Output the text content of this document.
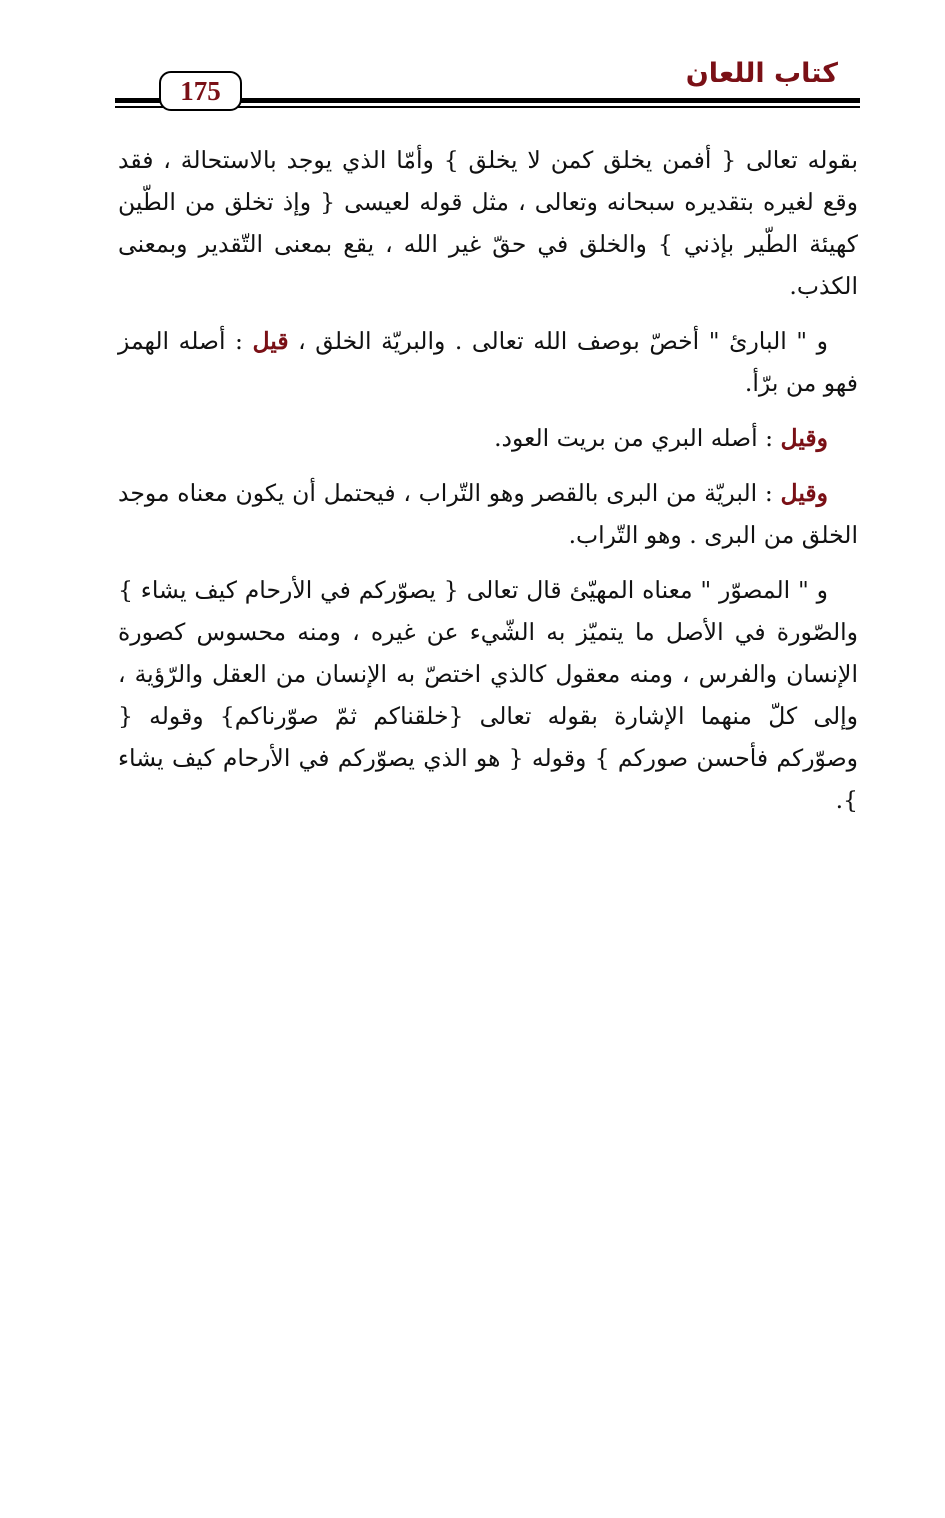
كتاب اللعان
175

بقوله تعالى { أفمن يخلق كمن لا يخلق } وأمّا الذي يوجد بالاستحالة ، فقد وقع لغيره بتقديره سبحانه وتعالى ، مثل قوله لعيسى { وإذ تخلق من الطّين كهيئة الطّير بإذني } والخلق في حقّ غير الله ، يقع بمعنى التّقدير وبمعنى الكذب.

و " البارئ " أخصّ بوصف الله تعالى . والبريّة الخلق ، قيل : أصله الهمز فهو من برّأ.

وقيل : أصله البري من بريت العود.

وقيل : البريّة من البرى بالقصر وهو التّراب ، فيحتمل أن يكون معناه موجد الخلق من البرى . وهو التّراب.

و " المصوّر " معناه المهيّئ قال تعالى { يصوّركم في الأرحام كيف يشاء } والصّورة في الأصل ما يتميّز به الشّيء عن غيره ، ومنه محسوس كصورة الإنسان والفرس ، ومنه معقول كالذي اختصّ به الإنسان من العقل والرّؤية ، وإلى كلّ منهما الإشارة بقوله تعالى {خلقناكم ثمّ صوّرناكم} وقوله { وصوّركم فأحسن صوركم } وقوله { هو الذي يصوّركم في الأرحام كيف يشاء }.
